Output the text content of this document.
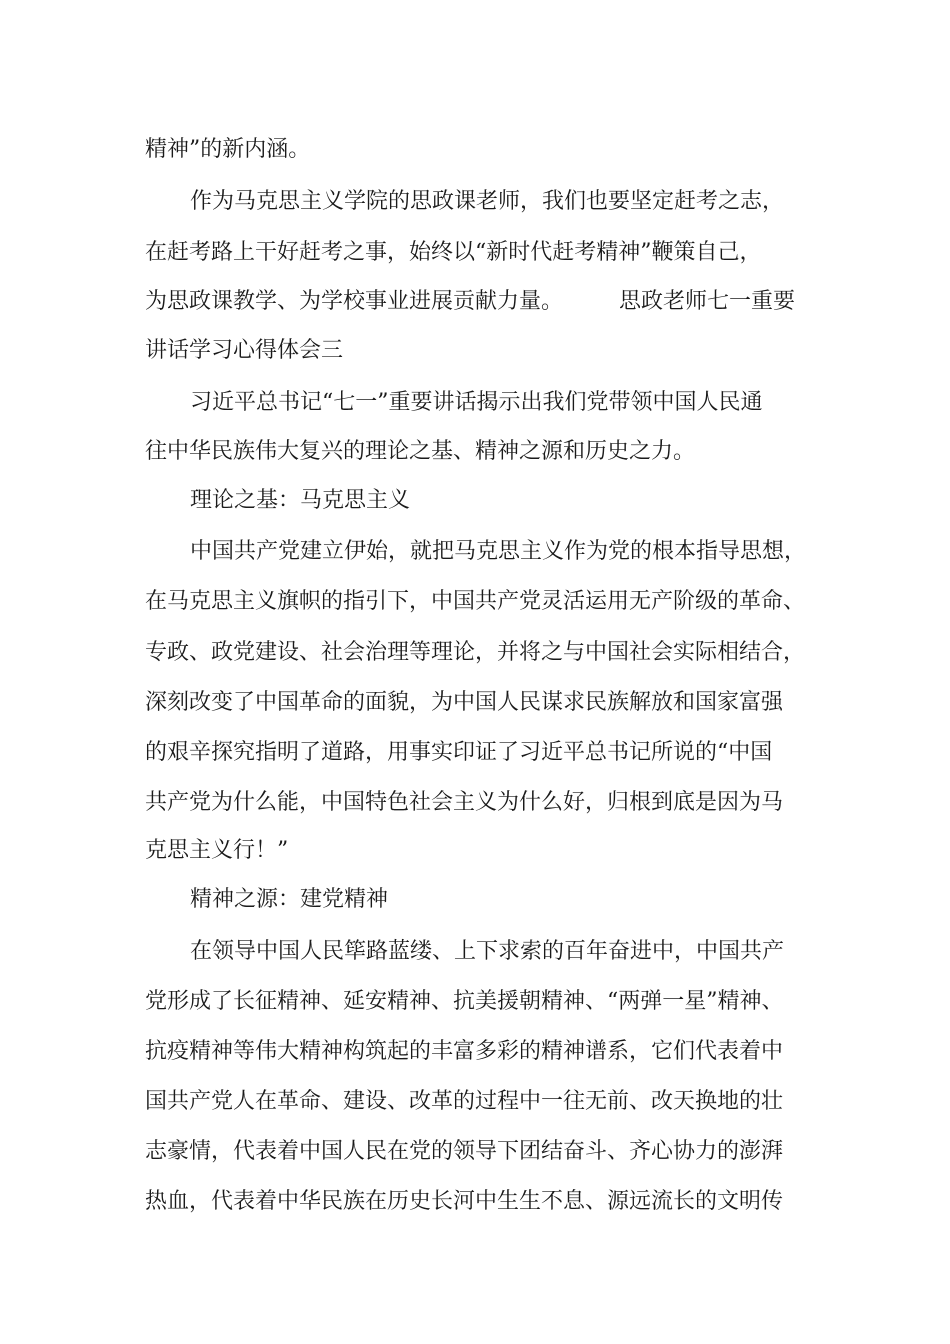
精神”的新内涵。
作为马克思主义学院的思政课老师，我们也要坚定赶考之志，
在赶考路上干好赶考之事，始终以“新时代赶考精神”鞭策自己，
为思政课教学、为学校事业进展贡献力量。	思政老师七一重要
讲话学习心得体会三
习近平总书记“七一”重要讲话揭示出我们党带领中国人民通
往中华民族伟大复兴的理论之基、精神之源和历史之力。
理论之基：马克思主义
中国共产党建立伊始，就把马克思主义作为党的根本指导思想，
在马克思主义旗帜的指引下，中国共产党灵活运用无产阶级的革命、
专政、政党建设、社会治理等理论，并将之与中国社会实际相结合，
深刻改变了中国革命的面貌，为中国人民谋求民族解放和国家富强
的艰辛探究指明了道路，用事实印证了习近平总书记所说的“中国
共产党为什么能，中国特色社会主义为什么好，归根到底是因为马
克思主义行！”
精神之源：建党精神
在领导中国人民筚路蓝缕、上下求索的百年奋进中，中国共产
党形成了长征精神、延安精神、抗美援朝精神、“两弹一星”精神、
抗疫精神等伟大精神构筑起的丰富多彩的精神谱系，它们代表着中
国共产党人在革命、建设、改革的过程中一往无前、改天换地的壮
志豪情，代表着中国人民在党的领导下团结奋斗、齐心协力的澎湃
热血，代表着中华民族在历史长河中生生不息、源远流长的文明传
